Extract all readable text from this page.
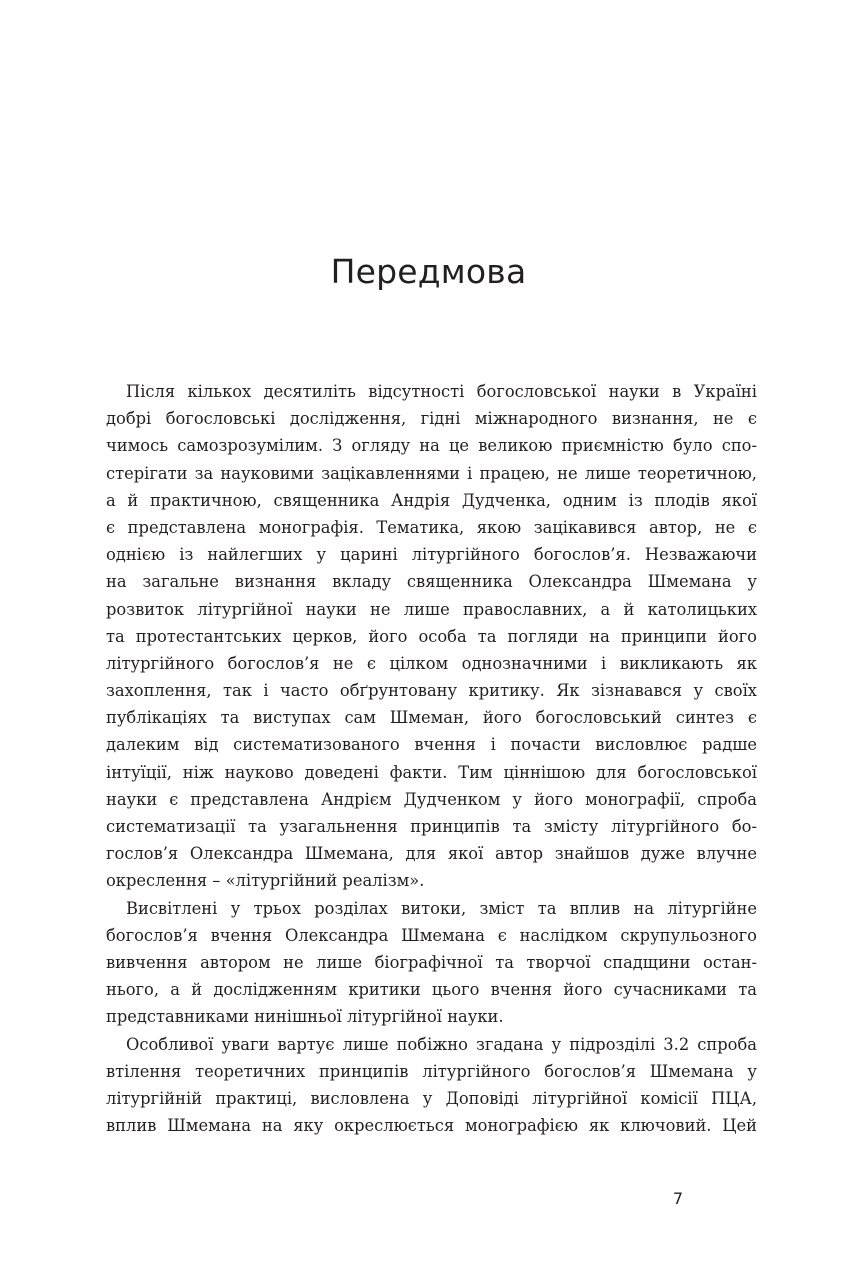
Передмова
Після кількох десятиліть відсутності богословської науки в Україні
добрі богословські дослідження, гідні міжнародного визнання, не є
чимось самозрозумілим. З огляду на це великою приємністю було спо-
стерігати за науковими зацікавленнями і працею, не лише теоретичною,
а й практичною, священника Андрія Дудченка, одним із плодів якої
є представлена монографія. Тематика, якою зацікавився автор, не є
однією із найлегших у царині літургійного богослов’я. Незважаючи
на загальне визнання вкладу священника Олександра Шмемана у
розвиток літургійної науки не лише православних, а й католицьких
та протестантських церков, його особа та погляди на принципи його
літургійного богослов’я не є цілком однозначними і викликають як
захоплення, так і часто обґрунтовану критику. Як зізнавався у своїх
публікаціях та виступах сам Шмеман, його богословський синтез є
далеким від систематизованого вчення і почасти висловлює радше
інтуїції, ніж науково доведені факти. Тим ціннішою для богословської
науки є представлена Андрієм Дудченком у його монографії, спроба
систематизації та узагальнення принципів та змісту літургійного бо-
гослов’я Олександра Шмемана, для якої автор знайшов дуже влучне
окреслення – «літургійний реалізм».
Висвітлені у трьох розділах витоки, зміст та вплив на літургійне
богослов’я вчення Олександра Шмемана є наслідком скрупульозного
вивчення автором не лише біографічної та творчої спадщини остан-
нього, а й дослідженням критики цього вчення його сучасниками та
представниками нинішньої літургійної науки.
Особливої уваги вартує лише побіжно згадана у підрозділі 3.2 спроба
втілення теоретичних принципів літургійного богослов’я Шмемана у
літургійній практиці, висловлена у Доповіді літургійної комісії ПЦА,
вплив Шмемана на яку окреслюється монографією як ключовий. Цей
7
